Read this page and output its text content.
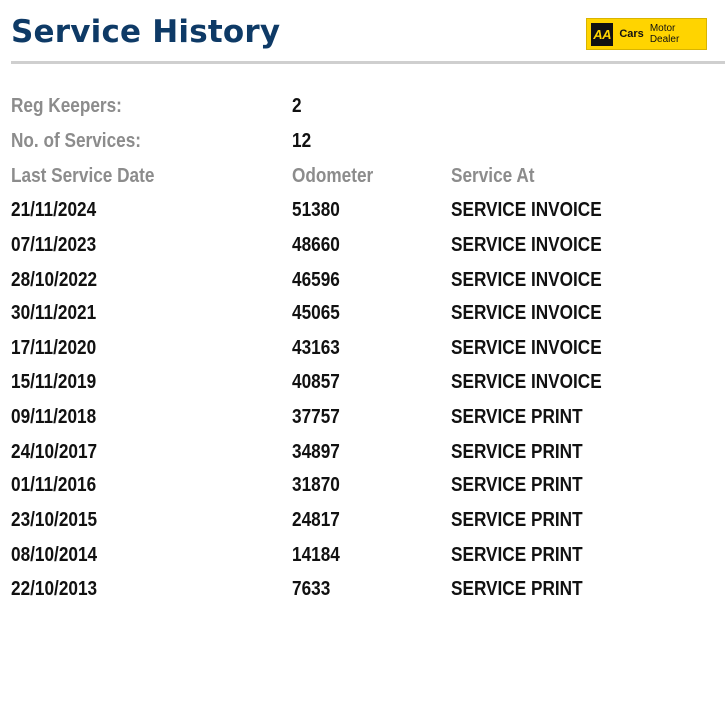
Service History	AA Cars Motor Dealer
Reg Keepers:	2
No. of Services:	12
Last Service Date	Odometer	Service At
21/11/2024	51380	SERVICE INVOICE
07/11/2023	48660	SERVICE INVOICE
28/10/2022	46596	SERVICE INVOICE
30/11/2021	45065	SERVICE INVOICE
17/11/2020	43163	SERVICE INVOICE
15/11/2019	40857	SERVICE INVOICE
09/11/2018	37757	SERVICE PRINT
24/10/2017	34897	SERVICE PRINT
01/11/2016	31870	SERVICE PRINT
23/10/2015	24817	SERVICE PRINT
08/10/2014	14184	SERVICE PRINT
22/10/2013	7633	SERVICE PRINT
